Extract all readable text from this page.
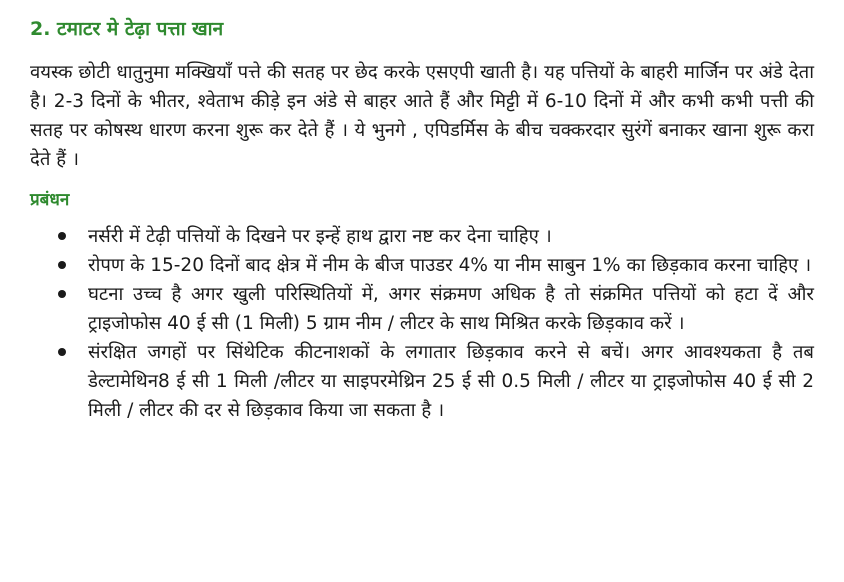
2. टमाटर मे टेढ़ा पत्ता खान

वयस्क छोटी धातुनुमा मक्खियाँ पत्ते की सतह पर छेद करके एसएपी खाती है। यह पत्तियों के बाहरी मार्जिन पर अंडे देता है। 2-3 दिनों के भीतर, श्वेताभ कीड़े इन अंडे से बाहर आते हैं और मिट्टी में 6-10 दिनों में और कभी कभी पत्ती की सतह पर कोषस्थ धारण करना शुरू कर देते हैं । ये भुनगे , एपिडर्मिस के बीच चक्करदार सुरंगें बनाकर खाना शुरू करा देते हैं ।

प्रबंधन
नर्सरी में टेढ़ी पत्तियों के दिखने पर इन्हें हाथ द्वारा नष्ट कर देना चाहिए ।
रोपण के 15-20 दिनों बाद क्षेत्र में नीम के बीज पाउडर 4% या नीम साबुन 1% का छिड़काव करना चाहिए ।
घटना उच्च है अगर खुली परिस्थितियों में, अगर संक्रमण अधिक है तो संक्रमित पत्तियों को हटा दें और ट्राइजोफोस 40 ई सी (1 मिली) 5 ग्राम नीम / लीटर के साथ मिश्रित करके छिड़काव करें ।
संरक्षित जगहों पर सिंथेटिक कीटनाशकों के लगातार छिड़काव करने से बचें। अगर आवश्यकता है तब डेल्टामेथिन8 ई सी 1 मिली /लीटर या साइपरमेथ्रिन 25 ई सी 0.5 मिली / लीटर या ट्राइजोफोस 40 ई सी 2 मिली / लीटर की दर से छिड़काव किया जा सकता है ।
